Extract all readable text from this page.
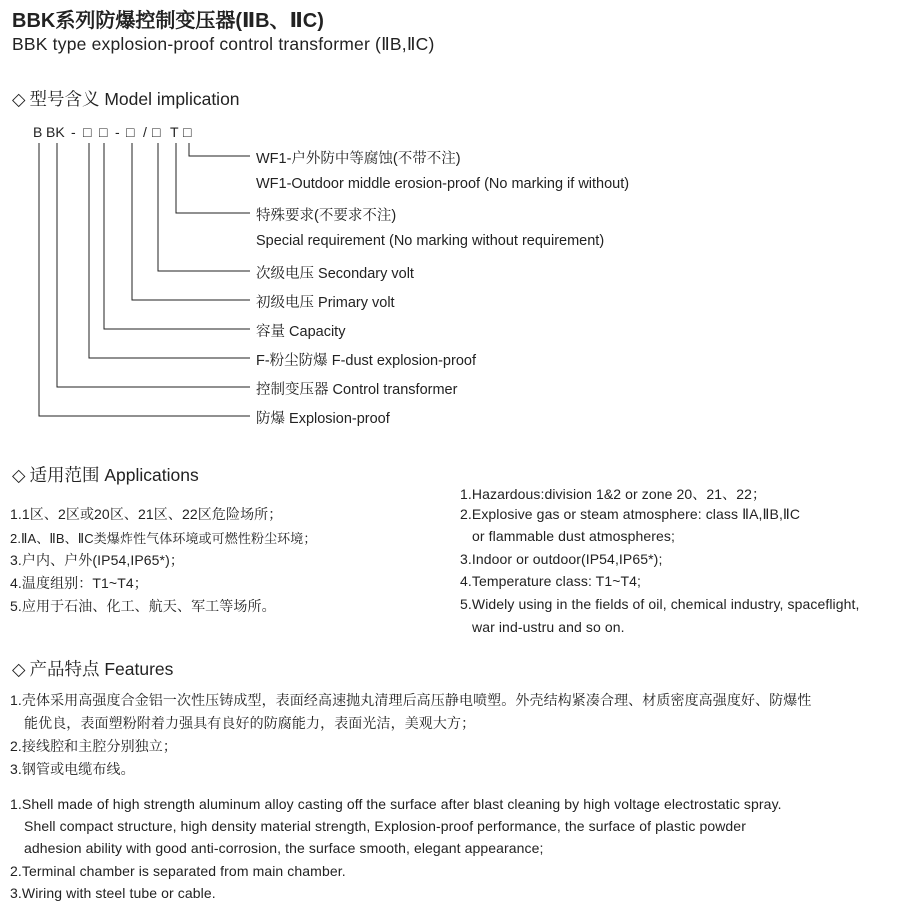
BBK系列防爆控制变压器(ⅡB、ⅡC)
BBK type explosion-proof control transformer (ⅡB,ⅡC)
◇ 型号含义 Model implication
B BK - □ □ - □ / □ T □
WF1-户外防中等腐蚀(不带不注)
WF1-Outdoor middle erosion-proof (No marking if without)
特殊要求(不要求不注)
Special requirement (No marking without requirement)
次级电压 Secondary volt
初级电压 Primary volt
容量 Capacity
F-粉尘防爆 F-dust explosion-proof
控制变压器 Control transformer
防爆 Explosion-proof
◇ 适用范围 Applications
1.1区、2区或20区、21区、22区危险场所；
2.ⅡA、ⅡB、ⅡC类爆炸性气体环境或可燃性粉尘环境；
3.户内、户外(IP54,IP65*)；
4.温度组别：T1~T4；
5.应用于石油、化工、航天、军工等场所。
1.Hazardous:division 1&2 or zone 20、21、22；
2.Explosive gas or steam atmosphere: class ⅡA,ⅡB,ⅡC
or flammable dust atmospheres;
3.Indoor or outdoor(IP54,IP65*);
4.Temperature class: T1~T4;
5.Widely using in the fields of oil, chemical industry, spaceflight,
war ind-ustru and so on.
◇ 产品特点 Features
1.壳体采用高强度合金铝一次性压铸成型，表面经高速抛丸清理后高压静电喷塑。外壳结构紧凑合理、材质密度高强度好、防爆性
能优良，表面塑粉附着力强具有良好的防腐能力，表面光洁，美观大方；
2.接线腔和主腔分别独立；
3.钢管或电缆布线。
1.Shell made of high strength aluminum alloy casting off the surface after blast cleaning by high voltage electrostatic spray.
Shell compact structure, high density material strength, Explosion-proof performance, the surface of plastic powder
adhesion ability with good anti-corrosion, the surface smooth, elegant appearance;
2.Terminal chamber is separated from main chamber.
3.Wiring with steel tube or cable.
